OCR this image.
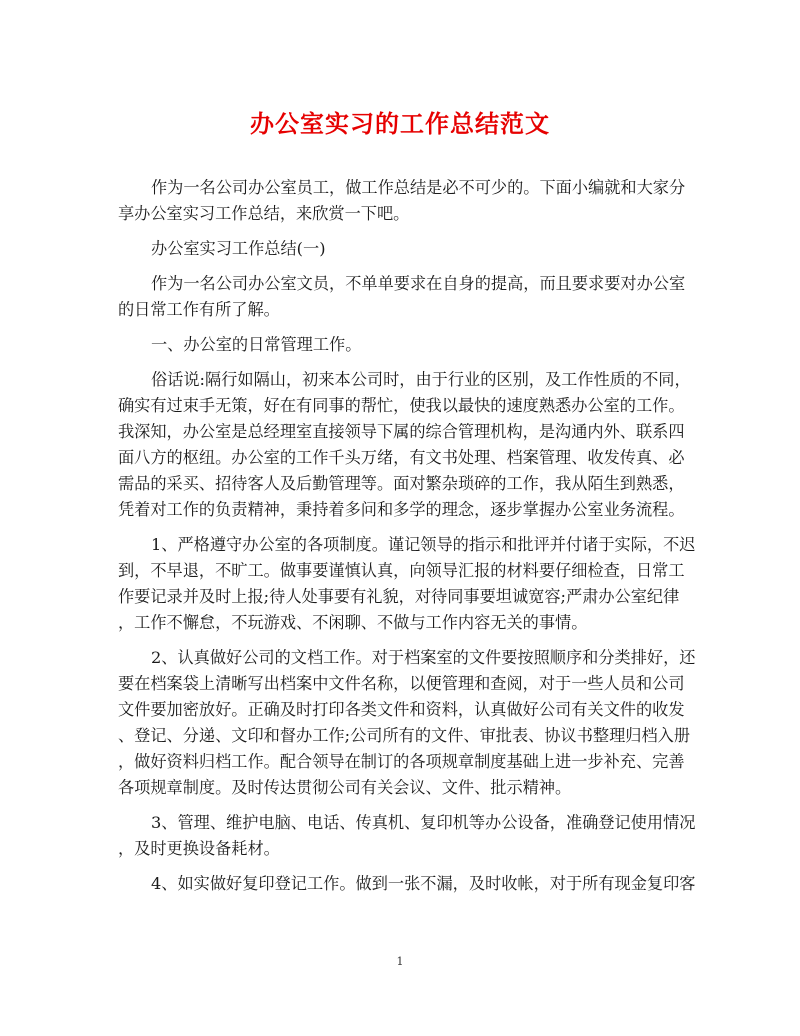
办公室实习的工作总结范文

作为一名公司办公室员工，做工作总结是必不可少的。下面小编就和大家分

享办公室实习工作总结，来欣赏一下吧。

办公室实习工作总结(一)

作为一名公司办公室文员，不单单要求在自身的提高，而且要求要对办公室

的日常工作有所了解。

一、办公室的日常管理工作。

俗话说:隔行如隔山，初来本公司时，由于行业的区别，及工作性质的不同，

确实有过束手无策，好在有同事的帮忙，使我以最快的速度熟悉办公室的工作。

我深知，办公室是总经理室直接领导下属的综合管理机构，是沟通内外、联系四

面八方的枢纽。办公室的工作千头万绪，有文书处理、档案管理、收发传真、必

需品的采买、招待客人及后勤管理等。面对繁杂琐碎的工作，我从陌生到熟悉，

凭着对工作的负责精神，秉持着多问和多学的理念，逐步掌握办公室业务流程。

1、严格遵守办公室的各项制度。谨记领导的指示和批评并付诸于实际，不迟

到，不早退，不旷工。做事要谨慎认真，向领导汇报的材料要仔细检查，日常工

作要记录并及时上报;待人处事要有礼貌，对待同事要坦诚宽容;严肃办公室纪律

，工作不懈怠，不玩游戏、不闲聊、不做与工作内容无关的事情。

2、认真做好公司的文档工作。对于档案室的文件要按照顺序和分类排好，还

要在档案袋上清晰写出档案中文件名称，以便管理和查阅，对于一些人员和公司

文件要加密放好。正确及时打印各类文件和资料，认真做好公司有关文件的收发

、登记、分递、文印和督办工作;公司所有的文件、审批表、协议书整理归档入册

，做好资料归档工作。配合领导在制订的各项规章制度基础上进一步补充、完善

各项规章制度。及时传达贯彻公司有关会议、文件、批示精神。

3、管理、维护电脑、电话、传真机、复印机等办公设备，准确登记使用情况

，及时更换设备耗材。

4、如实做好复印登记工作。做到一张不漏，及时收帐，对于所有现金复印客

1
